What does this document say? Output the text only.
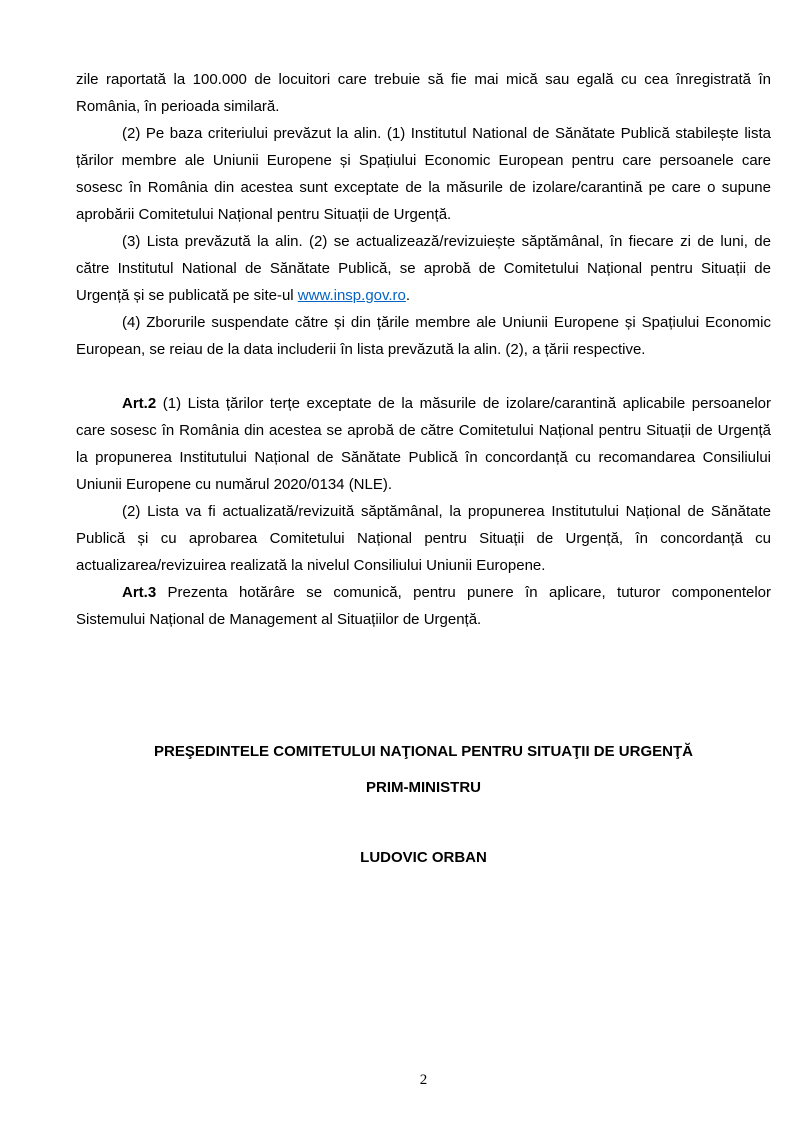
zile raportată la 100.000 de locuitori care trebuie să fie mai mică sau egală cu cea înregistrată în România, în perioada similară.

(2) Pe baza criteriului prevăzut la alin. (1) Institutul National de Sănătate Publică stabilește lista țărilor membre ale Uniunii Europene și Spațiului Economic European pentru care persoanele care sosesc în România din acestea sunt exceptate de la măsurile de izolare/carantină pe care o supune aprobării Comitetului Național pentru Situații de Urgență.

(3) Lista prevăzută la alin. (2) se actualizează/revizuiește săptămânal, în fiecare zi de luni, de către Institutul National de Sănătate Publică, se aprobă de Comitetului Național pentru Situații de Urgență și se publicată pe site-ul www.insp.gov.ro.

(4) Zborurile suspendate către și din țările membre ale Uniunii Europene și Spațiului Economic European, se reiau de la data includerii în lista prevăzută la alin. (2), a țării respective.

Art.2 (1) Lista țărilor terțe exceptate de la măsurile de izolare/carantină aplicabile persoanelor care sosesc în România din acestea se aprobă de către Comitetului Național pentru Situații de Urgență la propunerea Institutului Național de Sănătate Publică în concordanță cu recomandarea Consiliului Uniunii Europene cu numărul 2020/0134 (NLE).

(2) Lista va fi actualizată/revizuită săptămânal, la propunerea Institutului Național de Sănătate Publică și cu aprobarea Comitetului Național pentru Situații de Urgență, în concordanță cu actualizarea/revizuirea realizată la nivelul Consiliului Uniunii Europene.

Art.3 Prezenta hotărâre se comunică, pentru punere în aplicare, tuturor componentelor Sistemului Național de Management al Situațiilor de Urgență.

PREŞEDINTELE COMITETULUI NAŢIONAL PENTRU SITUAŢII DE URGENŢĂ

PRIM-MINISTRU

LUDOVIC ORBAN

2
